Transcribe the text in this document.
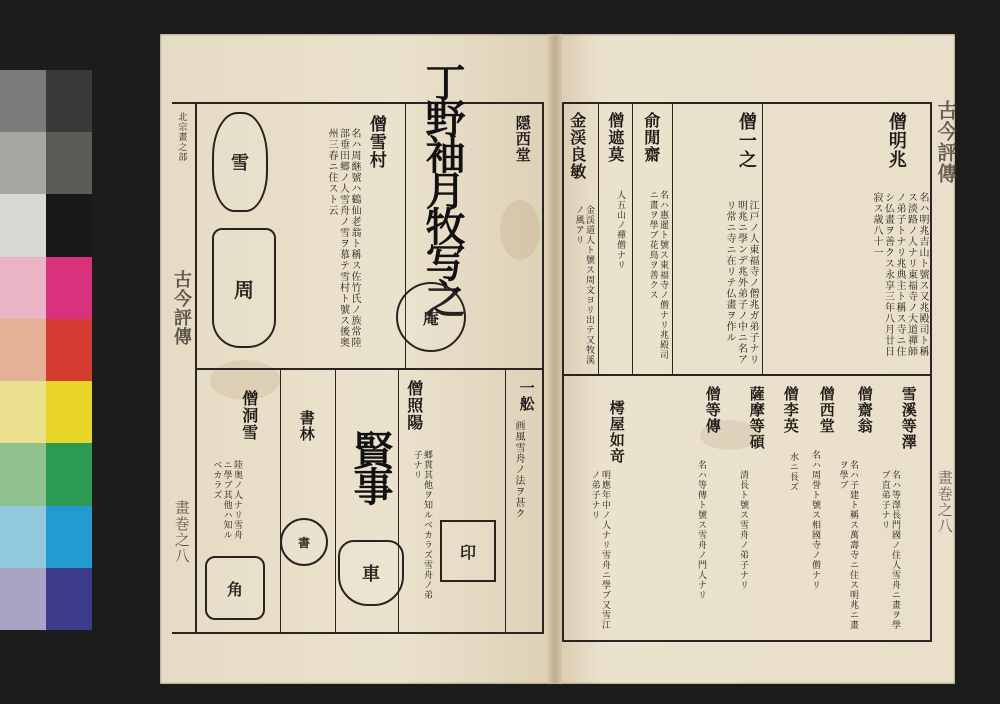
北宗畫之部
古今評傳
畫巻之八
隠西堂
丁野袖月牧写之
庵
僧雪村
名ハ周継號ハ鶴仙老翁ト稱ス佐竹氏ノ族常陸部垂田郷ノ人雪舟ノ雪ヲ慕テ雪村ト號ス後奥州三春ニ住スト云
雪
周
一舩
画風雪舟ノ法ヲ甚ク
印
僧照陽
郷貫其他ヲ知ルベカラズ雪舟ノ弟子ナリ
賢事
車
書林
書
僧洞雪
陸奥ノ人ナリ雪舟ニ學ブ其他ハ知ルベカラズ
角
古今評傳
畫巻之八
僧明兆
名ハ明兆吉山ト號ス又兆殿司ト稱ス淡路ノ人ナリ東福寺ノ大道禪師ノ弟子トナリ兆典主ト稱ス寺ニ住シ仏畫ヲ善クス永享三年八月廿日寂ス歳八十一
僧一之
江戸ノ人東福寺ノ僧兆ガ弟子ナリ明兆ニ學ンデ兆外弟子ノ中ニ名アリ常ニ寺ニ在リテ仏畫ヲ作ル
俞閒齋
名ハ惠暹ト號ス東福寺ノ僧ナリ兆殿司ニ畫ヲ學ブ花鳥ヲ善クス
僧遮莫
人五山ノ禪僧ナリ
金渓良敏
金渓道人ト號ス周文ヨリ出テ又牧溪ノ風アリ
雪溪等澤
名ハ等澤長門國ノ住人雪舟ニ畫ヲ學ブ直弟子ナリ
僧齋翁
名ハ子建ト稱ス萬壽寺ニ住ス明兆ニ畫ヲ學ブ
僧西堂
名ハ周誉ト號ス相國寺ノ僧ナリ
僧李英
水ニ長ズ
薩摩等碩
清長ト號ス雪舟ノ弟子ナリ
僧等傳
名ハ等傳ト號ス雪舟ノ門人ナリ
樗屋如竒
明應年中ノ人ナリ雪舟ニ學ブ又雪江ノ弟子ナリ
